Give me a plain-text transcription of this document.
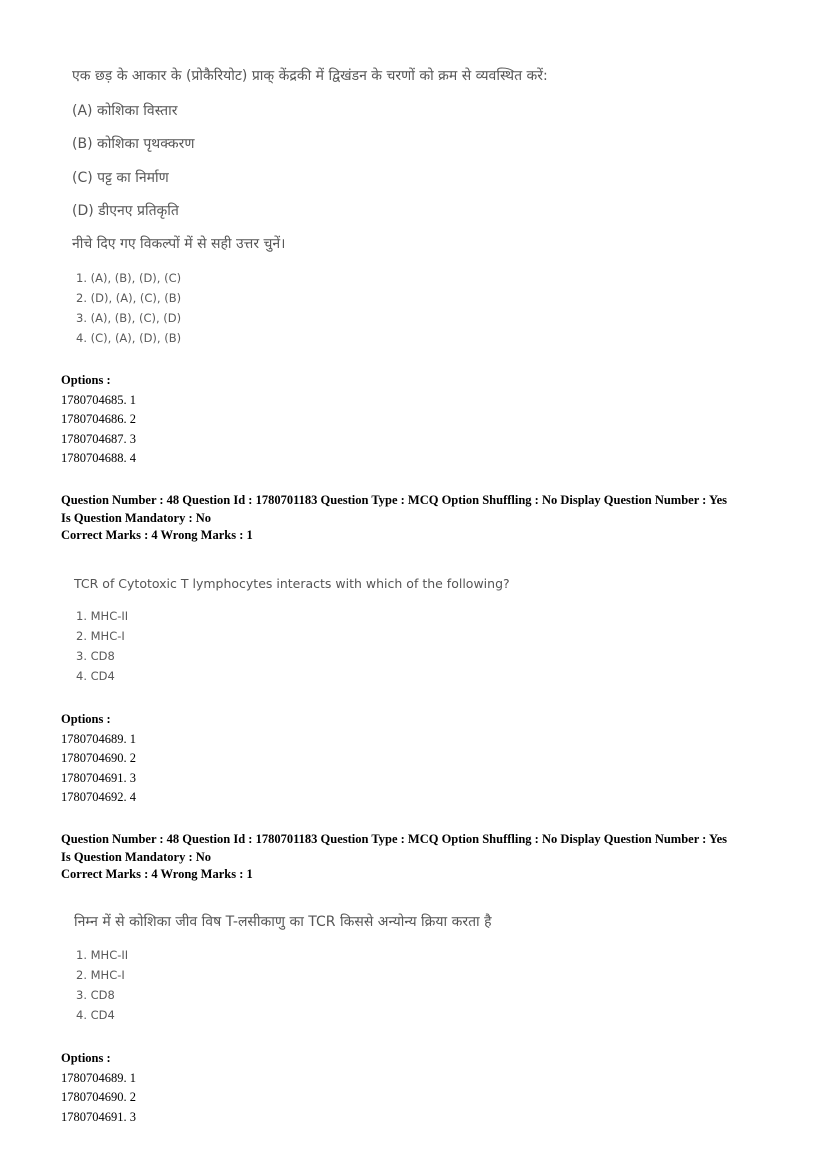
एक छड़ के आकार के (प्रोकैरियोट) प्राक् केंद्रकी में द्विखंडन के चरणों को क्रम से व्यवस्थित करें:
(A) कोशिका विस्तार
(B) कोशिका पृथक्करण
(C) पट्ट का निर्माण
(D) डीएनए प्रतिकृति
नीचे दिए गए विकल्पों में से सही उत्तर चुनें।
1. (A), (B), (D), (C)
2. (D), (A), (C), (B)
3. (A), (B), (C), (D)
4. (C), (A), (D), (B)
Options :
1780704685. 1
1780704686. 2
1780704687. 3
1780704688. 4
Question Number : 48 Question Id : 1780701183 Question Type : MCQ Option Shuffling : No Display Question Number : Yes
Is Question Mandatory : No
Correct Marks : 4 Wrong Marks : 1
TCR of Cytotoxic T lymphocytes interacts with which of the following?
1. MHC-II
2. MHC-I
3. CD8
4. CD4
Options :
1780704689. 1
1780704690. 2
1780704691. 3
1780704692. 4
Question Number : 48 Question Id : 1780701183 Question Type : MCQ Option Shuffling : No Display Question Number : Yes
Is Question Mandatory : No
Correct Marks : 4 Wrong Marks : 1
निम्न में से कोशिका जीव विष T-लसीकाणु का TCR किससे अन्योन्य क्रिया करता है
1. MHC-II
2. MHC-I
3. CD8
4. CD4
Options :
1780704689. 1
1780704690. 2
1780704691. 3
